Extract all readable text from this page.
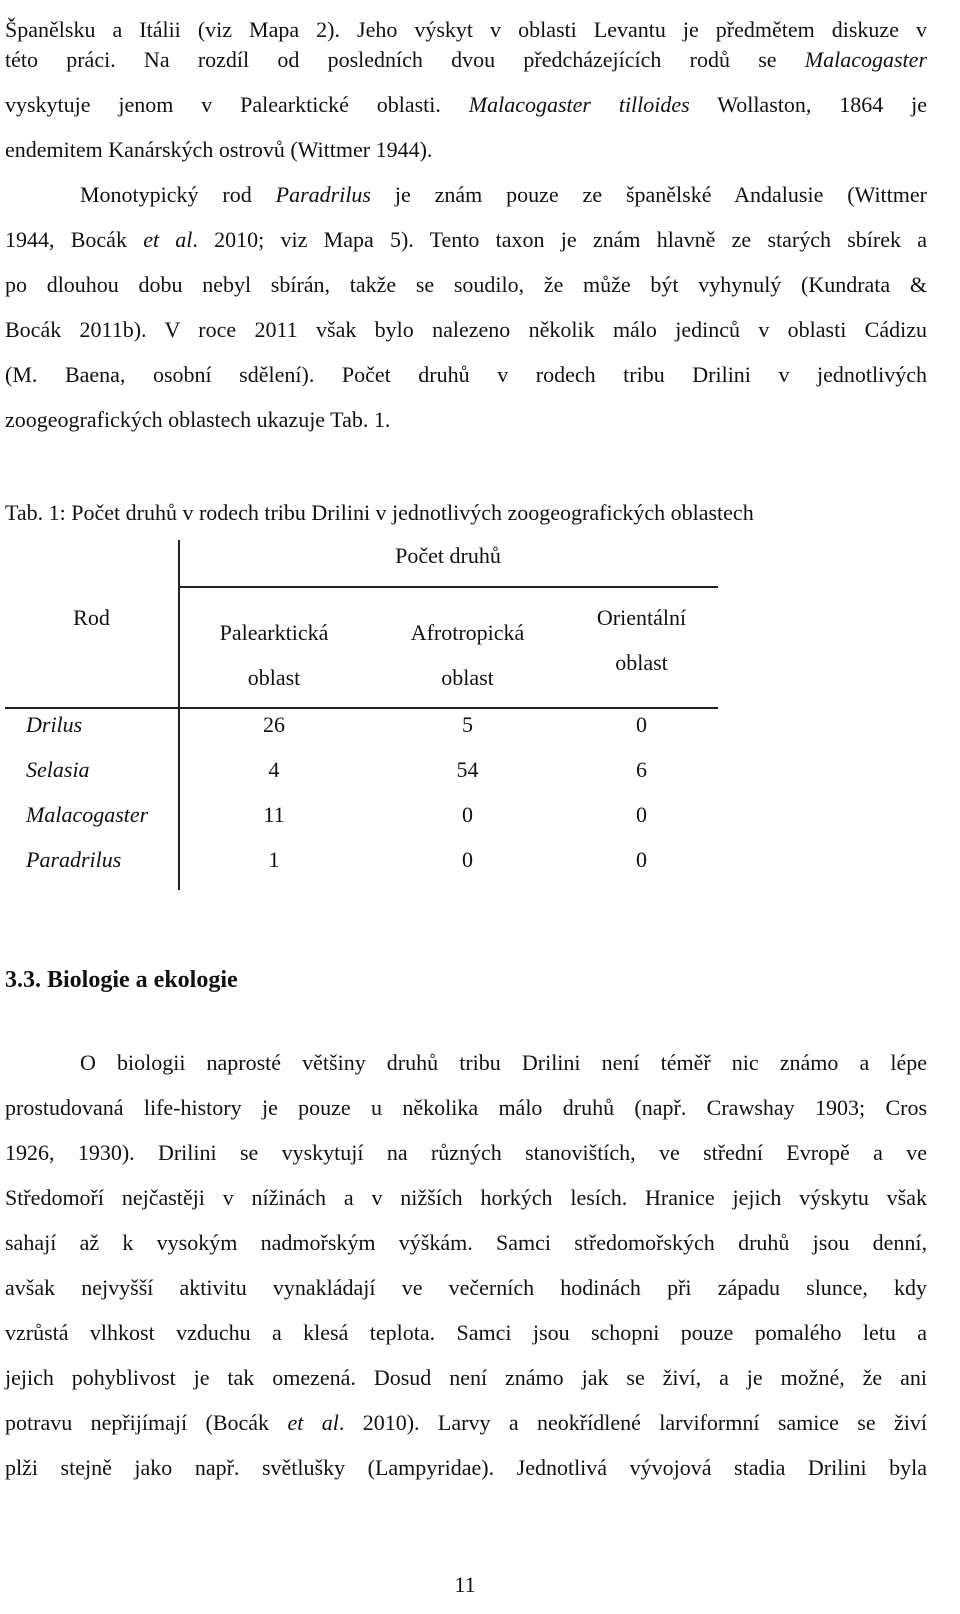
Španělsku a Itálii (viz Mapa 2). Jeho výskyt v oblasti Levantu je předmětem diskuze v
této práci. Na rozdíl od posledních dvou předcházejících rodů se Malacogaster
vyskytuje jenom v Palearktické oblasti. Malacogaster tilloides Wollaston, 1864 je
endemitem Kanárských ostrovů (Wittmer 1944).
Monotypický rod Paradrilus je znám pouze ze španělské Andalusie (Wittmer
1944, Bocák et al. 2010; viz Mapa 5). Tento taxon je znám hlavně ze starých sbírek a
po dlouhou dobu nebyl sbírán, takže se soudilo, že může být vyhynulý (Kundrata &
Bocák 2011b). V roce 2011 však bylo nalezeno několik málo jedinců v oblasti Cádizu
(M. Baena, osobní sdělení). Počet druhů v rodech tribu Drilini v jednotlivých
zoogeografických oblastech ukazuje Tab. 1.
Tab. 1: Počet druhů v rodech tribu Drilini v jednotlivých zoogeografických oblastech
Počet druhů
Rod
Palearktická
oblast
Afrotropická
oblast
Orientální
oblast
Drilus	26	5	0
Selasia	4	54	6
Malacogaster	11	0	0
Paradrilus	1	0	0
3.3. Biologie a ekologie
O biologii naprosté většiny druhů tribu Drilini není téměř nic známo a lépe
prostudovaná life-history je pouze u několika málo druhů (např. Crawshay 1903; Cros
1926, 1930). Drilini se vyskytují na různých stanovištích, ve střední Evropě a ve
Středomoří nejčastěji v nížinách a v nižších horkých lesích. Hranice jejich výskytu však
sahají až k vysokým nadmořským výškám. Samci středomořských druhů jsou denní,
avšak nejvyšší aktivitu vynakládají ve večerních hodinách při západu slunce, kdy
vzrůstá vlhkost vzduchu a klesá teplota. Samci jsou schopni pouze pomalého letu a
jejich pohyblivost je tak omezená. Dosud není známo jak se živí, a je možné, že ani
potravu nepřijímají (Bocák et al. 2010). Larvy a neokřídlené larviformní samice se živí
plži stejně jako např. světlušky (Lampyridae). Jednotlivá vývojová stadia Drilini byla
11
